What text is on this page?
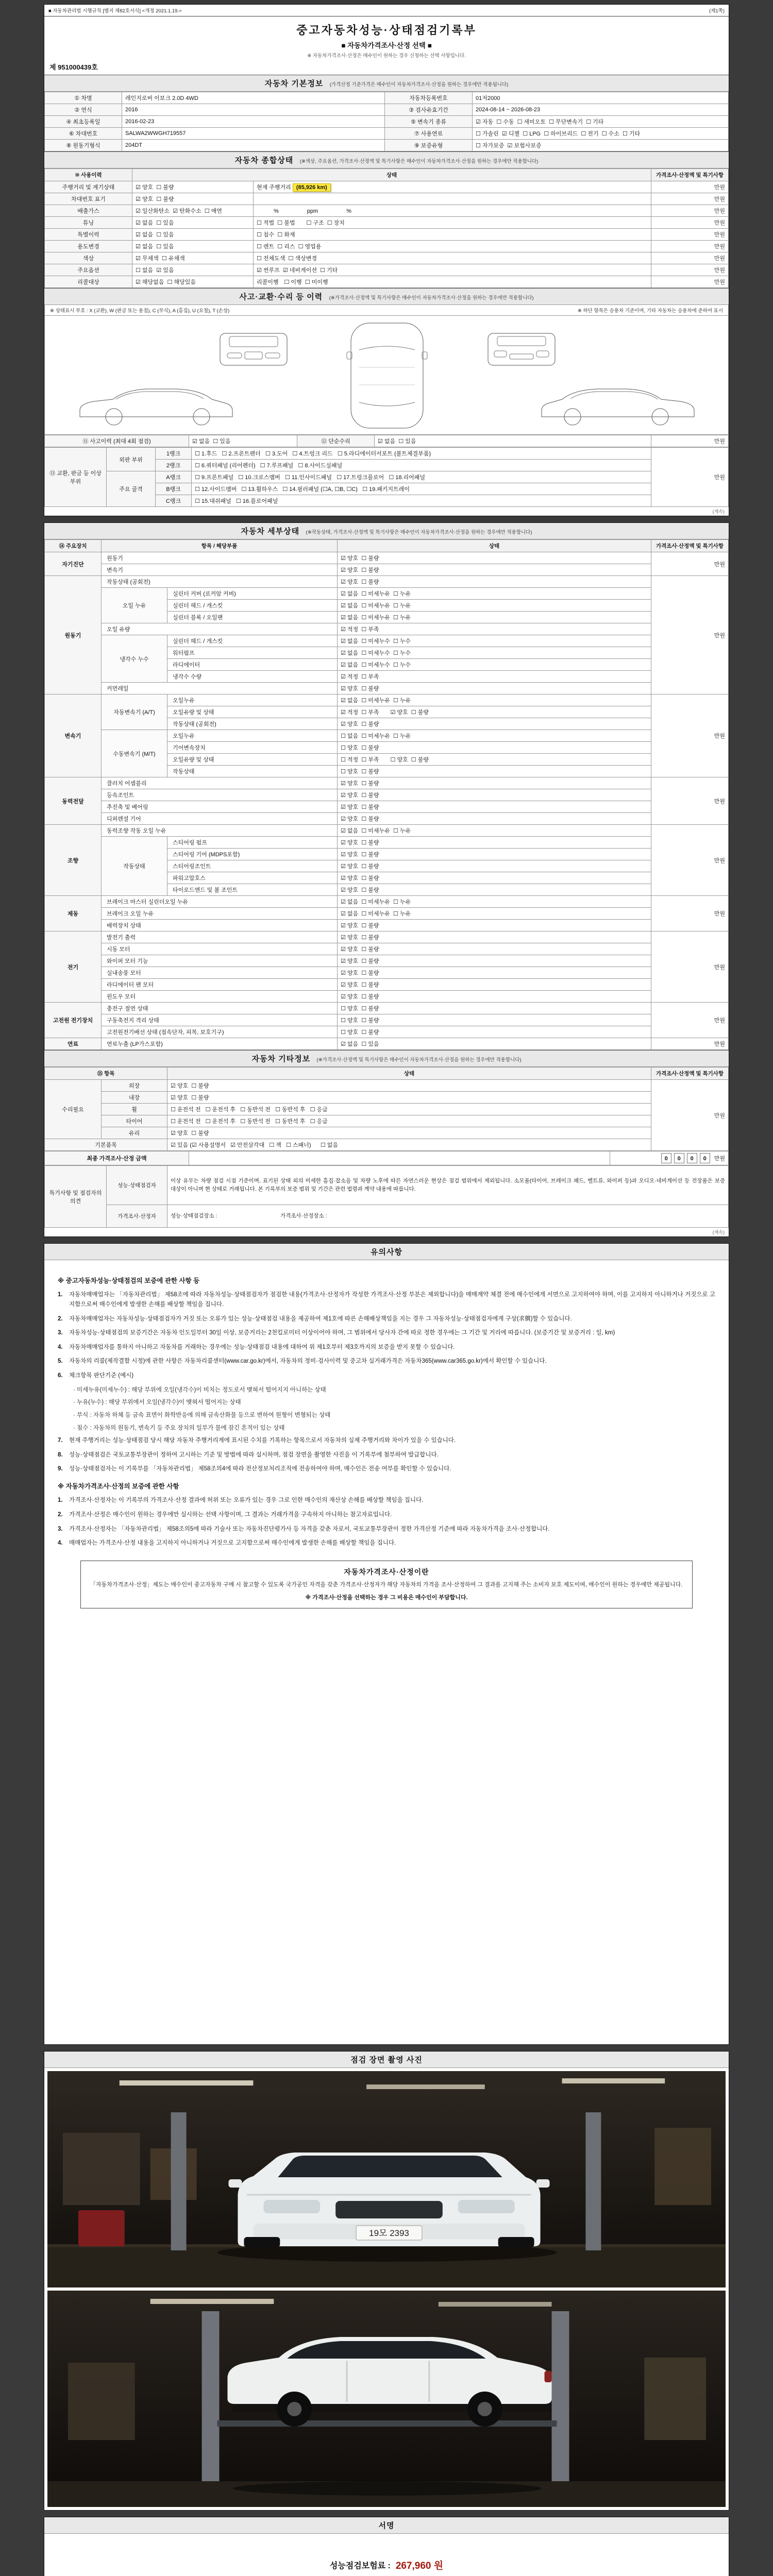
■ 자동차관리법 시행규칙 [별지 제82호서식] <개정 2021.1.19.>	(제1쪽)
중고자동차성능·상태점검기록부
■ 자동차가격조사·산정 선택 ■
※ 자동차가격조사·산정은 매수인이 원하는 경우 신청하는 선택 사항입니다.
제 951000439호
자동차 기본정보 (가격산정 기준가격은 매수인이 자동차가격조사·산정을 원하는 경우에만 적용됩니다)
① 차명	레인지로버 이보크 2.0D 4WD	자동차등록번호	01저2000
② 연식	2016	③ 검사유효기간	2024-08-14 ~ 2026-08-23
④ 최초등록일	2016-02-23	⑤ 변속기 종류	☑ 자동  ☐ 수동  ☐ 세미오토  ☐ 무단변속기  ☐ 기타
⑥ 차대번호	SALWA2WWGH719557	⑦ 사용연료	☐ 가솔린  ☑ 디젤  ☐ LPG  ☐ 하이브리드  ☐ 전기  ☐ 수소  ☐ 기타
⑧ 원동기형식	204DT	⑨ 보증유형	☐ 자가보증  ☑ 보험사보증
자동차 종합상태 (※색상, 주요옵션, 가격조사·산정액 및 특기사항은 매수인이 자동차가격조사·산정을 원하는 경우에만 적용합니다)
⑩ 사용이력	상태		가격조사·산정액 및 특기사항
주행거리 및 계기상태	☑ 양호  ☐ 불량	현재 주행거리 (85,926 km)	만원
차대번호 표기	☑ 양호  ☐ 불량		만원
배출가스	☑ 일산화탄소  ☑ 탄화수소  ☐ 매연	　　　%　　　　　ppm　　　　　%	만원
튜닝	☑ 없음  ☐ 있음	☐ 적법  ☐ 불법　　☐ 구조  ☐ 장치	만원
특별이력	☑ 없음  ☐ 있음	☐ 침수  ☐ 화재	만원
용도변경	☑ 없음  ☐ 있음	☐ 렌트  ☐ 리스  ☐ 영업용	만원
색상	☑ 무채색  ☐ 유채색	☐ 전체도색  ☐ 색상변경	만원
주요옵션	☐ 없음  ☑ 있음	☑ 썬루프  ☑ 네비게이션  ☐ 기타	만원
리콜대상	☑ 해당없음  ☐ 해당있음	리콜이행　☐ 이행  ☐ 미이행	만원
사고·교환·수리 등 이력 (※가격조사·산정액 및 특기사항은 매수인이 자동차가격조사·산정을 원하는 경우에만 적용합니다)
※ 상태표시 부호 : X (교환), W (판금 또는 용접), C (부식), A (흠집), U (요철), T (손상)	※ 하단 항목은 승용차 기준이며, 기타 자동차는 승용차에 준하여 표시
⑪ 사고이력 (최대 4회 점검)	☑ 없음  ☐ 있음	⑫ 단순수리	☑ 없음  ☐ 있음	만원
⑬ 교환, 판금 등 이상 부위	외판 부위	1랭크	☐ 1.후드   ☐ 2.프론트펜더   ☐ 3.도어   ☐ 4.트렁크 리드   ☐ 5.라디에이터서포트 (볼트체결부품)	만원
		2랭크	☐ 6.쿼터패널 (리어펜더)   ☐ 7.루프패널   ☐ 8.사이드실패널	
	주요 골격	A랭크	☐ 9.프론트패널   ☐ 10.크로스멤버   ☐ 11.인사이드패널   ☐ 17.트렁크플로어   ☐ 18.리어패널	
		B랭크	☐ 12.사이드멤버   ☐ 13.휠하우스   ☐ 14.필러패널 (☐A, ☐B, ☐C)   ☐ 19.패키지트레이	
		C랭크	☐ 15.대쉬패널   ☐ 16.플로어패널	
(계속)
자동차 세부상태 (※작동상태, 가격조사·산정액 및 특기사항은 매수인이 자동차가격조사·산정을 원하는 경우에만 적용합니다)
⑭ 주요장치	항목 / 해당부품		상태	가격조사·산정액 및 특기사항
자기진단	원동기		☑ 양호  ☐ 불량	만원
	변속기		☑ 양호  ☐ 불량	
원동기	작동상태 (공회전)		☑ 양호  ☐ 불량	만원
	오일 누유	실린더 커버 (로커암 커버)	☑ 없음  ☐ 미세누유  ☐ 누유	
		실린더 헤드 / 개스킷	☑ 없음  ☐ 미세누유  ☐ 누유	
		실린더 블록 / 오일팬	☑ 없음  ☐ 미세누유  ☐ 누유	
	오일 유량		☑ 적정  ☐ 부족	
	냉각수 누수	실린더 헤드 / 개스킷	☑ 없음  ☐ 미세누수  ☐ 누수	
		워터펌프	☑ 없음  ☐ 미세누수  ☐ 누수	
		라디에이터	☑ 없음  ☐ 미세누수  ☐ 누수	
		냉각수 수량	☑ 적정  ☐ 부족	
	커먼레일		☑ 양호  ☐ 불량	
변속기	자동변속기 (A/T)	오일누유	☑ 없음  ☐ 미세누유  ☐ 누유	만원
		오일유량 및 상태	☑ 적정  ☐ 부족　　☑ 양호  ☐ 불량	
		작동상태 (공회전)	☑ 양호  ☐ 불량	
	수동변속기 (M/T)	오일누유	☐ 없음  ☐ 미세누유  ☐ 누유	
		기어변속장치	☐ 양호  ☐ 불량	
		오일유량 및 상태	☐ 적정  ☐ 부족　　☐ 양호  ☐ 불량	
		작동상태	☐ 양호  ☐ 불량	
동력전달	클러치 어셈블리		☑ 양호  ☐ 불량	만원
	등속조인트		☑ 양호  ☐ 불량	
	추진축 및 베어링		☑ 양호  ☐ 불량	
	디퍼렌셜 기어		☑ 양호  ☐ 불량	
조향	동력조향 작동 오일 누유		☑ 없음  ☐ 미세누유  ☐ 누유	만원
	작동상태	스티어링 펌프	☑ 양호  ☐ 불량	
		스티어링 기어 (MDPS포함)	☑ 양호  ☐ 불량	
		스티어링조인트	☑ 양호  ☐ 불량	
		파워고압호스	☑ 양호  ☐ 불량	
		타이로드엔드 및 볼 조인트	☑ 양호  ☐ 불량	
제동	브레이크 마스터 실린더오일 누유		☑ 없음  ☐ 미세누유  ☐ 누유	만원
	브레이크 오일 누유		☑ 없음  ☐ 미세누유  ☐ 누유	
	배력장치 상태		☑ 양호  ☐ 불량	
전기	발전기 출력		☑ 양호  ☐ 불량	만원
	시동 모터		☑ 양호  ☐ 불량	
	와이퍼 모터 기능		☑ 양호  ☐ 불량	
	실내송풍 모터		☑ 양호  ☐ 불량	
	라디에이터 팬 모터		☑ 양호  ☐ 불량	
	윈도우 모터		☑ 양호  ☐ 불량	
고전원 전기장치	충전구 절연 상태		☐ 양호  ☐ 불량	만원
	구동축전지 격리 상태		☐ 양호  ☐ 불량	
	고전원전기배선 상태 (접속단자, 피복, 보호기구)		☐ 양호  ☐ 불량	
연료	연료누출 (LP가스포함)		☑ 없음  ☐ 있음	만원
자동차 기타정보 (※가격조사·산정액 및 특기사항은 매수인이 자동차가격조사·산정을 원하는 경우에만 적용합니다)
⑮ 항목		상태	가격조사·산정액 및 특기사항
수리필요	외장	☑ 양호  ☐ 불량	만원
	내장	☑ 양호  ☐ 불량	
	휠	☐ 운전석 전   ☐ 운전석 후   ☐ 동반석 전   ☐ 동반석 후   ☐ 응급	
	타이어	☐ 운전석 전   ☐ 운전석 후   ☐ 동반석 전   ☐ 동반석 후   ☐ 응급	
	유리	☑ 양호  ☐ 불량	
기본품목		☑ 있음 (☑ 사용설명서   ☑ 안전삼각대   ☐ 잭   ☐ 스패너)      ☐ 없음	
최종 가격조사·산정 금액		0 0 0 0 만원
특기사항 및 점검자의 의견	성능·상태점검자	이상 유무는 차량 점검 시점 기준이며, 표기된 상태 외의 미세한 흠집·잡소음 및 차량 노후에 따른 자연스러운 현상은 점검 범위에서 제외됩니다. 소모품(타이어, 브레이크 패드, 벨트류, 와이퍼 등)과 오디오·네비게이션 등 전장품은 보증 대상이 아니며 현 상태로 거래됩니다. 본 기록부의 보증 범위 및 기간은 관련 법령과 계약 내용에 따릅니다.
	가격조사·산정자	성능·상태점검장소 :                                          가격조사·산정장소 :
(계속)
유의사항
※ 중고자동차성능·상태점검의 보증에 관한 사항 등
1.	자동차매매업자는 「자동차관리법」 제58조에 따라 자동차성능·상태점검자가 점검한 내용(가격조사·산정자가 작성한 가격조사·산정 부분은 제외합니다)을 매매계약 체결 전에 매수인에게 서면으로 고지하여야 하며, 이를 고지하지 아니하거나 거짓으로 고지함으로써 매수인에게 발생한 손해를 배상할 책임을 집니다.
2.	자동차매매업자는 자동차성능·상태점검자가 거짓 또는 오류가 있는 성능·상태점검 내용을 제공하여 제1호에 따른 손해배상책임을 지는 경우 그 자동차성능·상태점검자에게 구상(求償)할 수 있습니다.
3.	자동차성능·상태점검의 보증기간은 자동차 인도일부터 30일 이상, 보증거리는 2천킬로미터 이상이어야 하며, 그 범위에서 당사자 간에 따로 정한 경우에는 그 기간 및 거리에 따릅니다. (보증기간 및 보증거리 : 일, km)
4.	자동차매매업자를 통하지 아니하고 자동차를 거래하는 경우에는 성능·상태점검 내용에 대하여 위 제1호부터 제3호까지의 보증을 받지 못할 수 있습니다.
5.	자동차의 리콜(제작결함 시정)에 관한 사항은 자동차리콜센터(www.car.go.kr)에서, 자동차의 정비·검사이력 및 중고차 실거래가격은 자동차365(www.car365.go.kr)에서 확인할 수 있습니다.
6.	체크항목 판단기준 (예시)
· 미세누유(미세누수) : 해당 부위에 오일(냉각수)이 비치는 정도로서 맺혀서 떨어지지 아니하는 상태
· 누유(누수) : 해당 부위에서 오일(냉각수)이 맺혀서 떨어지는 상태
· 부식 : 자동차 하체 등 금속 표면이 화학반응에 의해 금속산화물 등으로 변하여 원형이 변형되는 상태
· 침수 : 자동차의 원동기, 변속기 등 주요 장치의 일부가 물에 잠긴 흔적이 있는 상태
7.	현재 주행거리는 성능·상태점검 당시 해당 자동차 주행거리계에 표시된 수치를 기록하는 항목으로서 자동차의 실제 주행거리와 차이가 있을 수 있습니다.
8.	성능·상태점검은 국토교통부장관이 정하여 고시하는 기준 및 방법에 따라 실시하며, 점검 장면을 촬영한 사진을 이 기록부에 첨부하여 발급합니다.
9.	성능·상태점검자는 이 기록부를 「자동차관리법」 제58조의4에 따라 전산정보처리조직에 전송하여야 하며, 매수인은 전송 여부를 확인할 수 있습니다.
※ 자동차가격조사·산정의 보증에 관한 사항
1.	가격조사·산정자는 이 기록부의 가격조사·산정 결과에 허위 또는 오류가 있는 경우 그로 인한 매수인의 재산상 손해를 배상할 책임을 집니다.
2.	가격조사·산정은 매수인이 원하는 경우에만 실시하는 선택 사항이며, 그 결과는 거래가격을 구속하지 아니하는 참고자료입니다.
3.	가격조사·산정자는 「자동차관리법」 제58조의5에 따라 기술사 또는 자동차진단평가사 등 자격을 갖춘 자로서, 국토교통부장관이 정한 가격산정 기준에 따라 자동차가격을 조사·산정합니다.
4.	매매업자는 가격조사·산정 내용을 고지하지 아니하거나 거짓으로 고지함으로써 매수인에게 발생한 손해를 배상할 책임을 집니다.
자동차가격조사·산정이란
「자동차가격조사·산정」제도는 매수인이 중고자동차 구매 시 참고할 수 있도록 국가공인 자격을 갖춘 가격조사·산정자가 해당 자동차의 가격을 조사·산정하여 그 결과를 고지해 주는 소비자 보호 제도이며, 매수인이 원하는 경우에만 제공됩니다.
※ 가격조사·산정을 선택하는 경우 그 비용은 매수인이 부담합니다.
점검 장면 촬영 사진
19모 2393
서명
성능점검보험료 : 267,960 원
